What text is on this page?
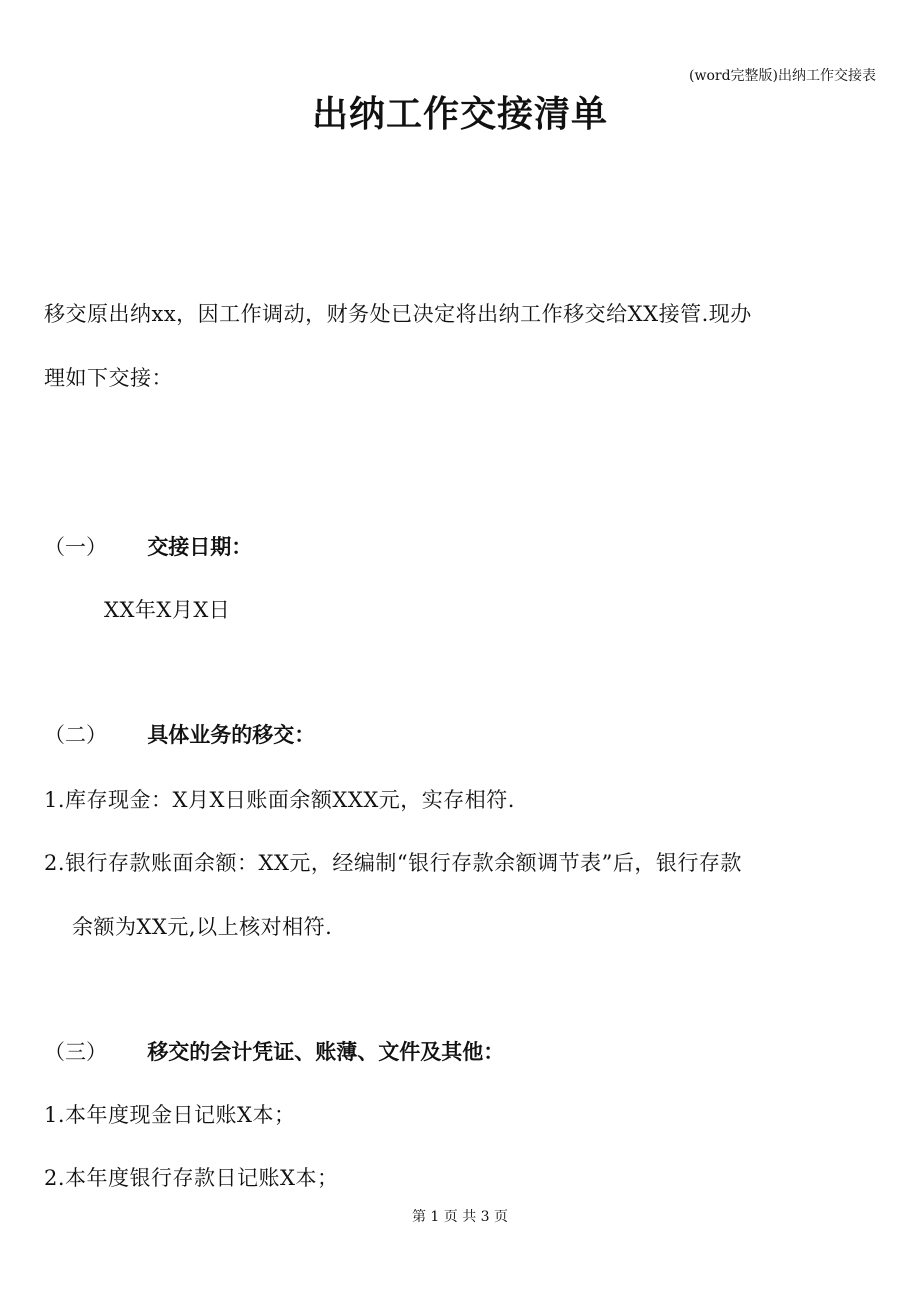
(word完整版)出纳工作交接表
出纳工作交接清单
移交原出纳xx，因工作调动，财务处已决定将出纳工作移交给XX接管.现办
理如下交接：
（一） 交接日期：
XX年X月X日
（二） 具体业务的移交：
1.库存现金：X月X日账面余额XXX元，实存相符.
2.银行存款账面余额：XX元，经编制“银行存款余额调节表”后，银行存款
余额为XX元,以上核对相符.
（三） 移交的会计凭证、账薄、文件及其他：
1.本年度现金日记账X本；
2.本年度银行存款日记账X本；
第 1 页 共 3 页
